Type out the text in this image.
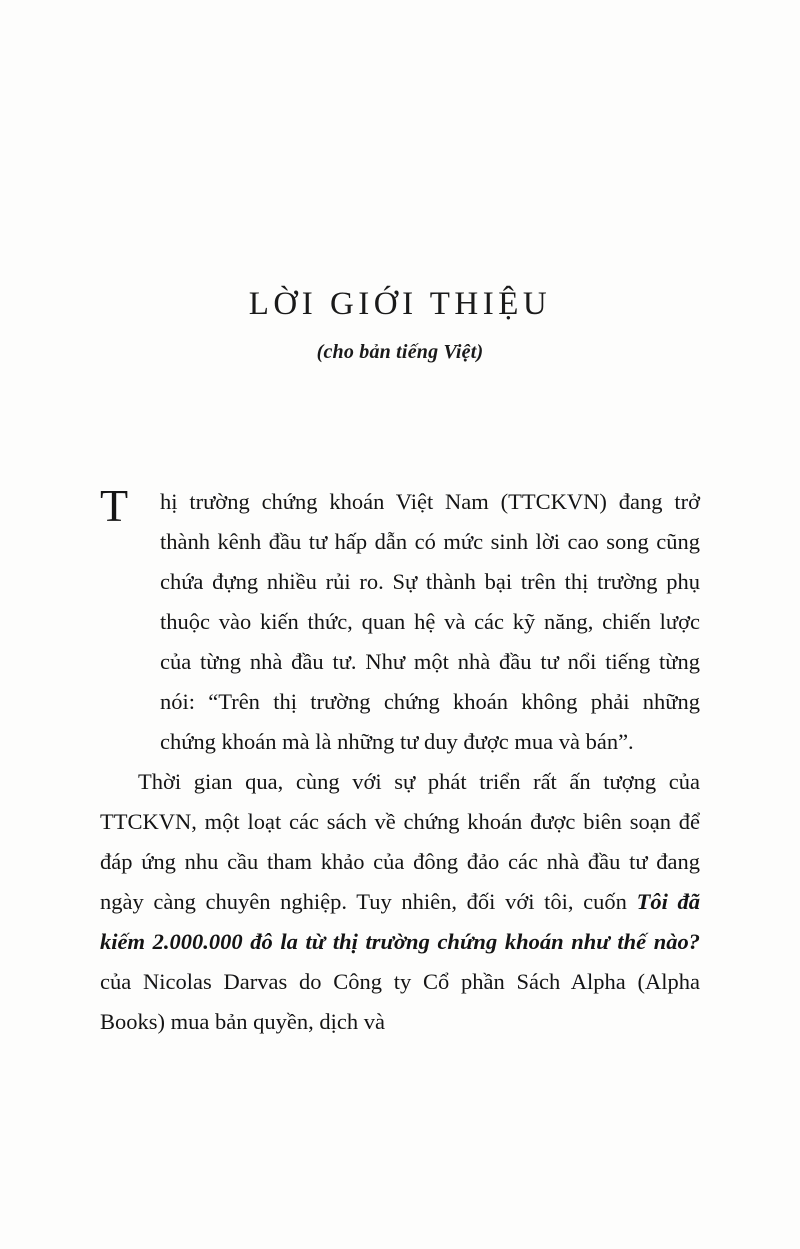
LỜI GIỚI THIỆU
(cho bản tiếng Việt)

T hị trường chứng khoán Việt Nam (TTCKVN) đang trở thành kênh đầu tư hấp dẫn có mức sinh lời cao song cũng chứa đựng nhiều rủi ro. Sự thành bại trên thị trường phụ thuộc vào kiến thức, quan hệ và các kỹ năng, chiến lược của từng nhà đầu tư. Như một nhà đầu tư nổi tiếng từng nói: “Trên thị trường chứng khoán không phải những chứng khoán mà là những tư duy được mua và bán”.

Thời gian qua, cùng với sự phát triển rất ấn tượng của TTCKVN, một loạt các sách về chứng khoán được biên soạn để đáp ứng nhu cầu tham khảo của đông đảo các nhà đầu tư đang ngày càng chuyên nghiệp. Tuy nhiên, đối với tôi, cuốn Tôi đã kiếm 2.000.000 đô la từ thị trường chứng khoán như thế nào? của Nicolas Darvas do Công ty Cổ phần Sách Alpha (Alpha Books) mua bản quyền, dịch và
